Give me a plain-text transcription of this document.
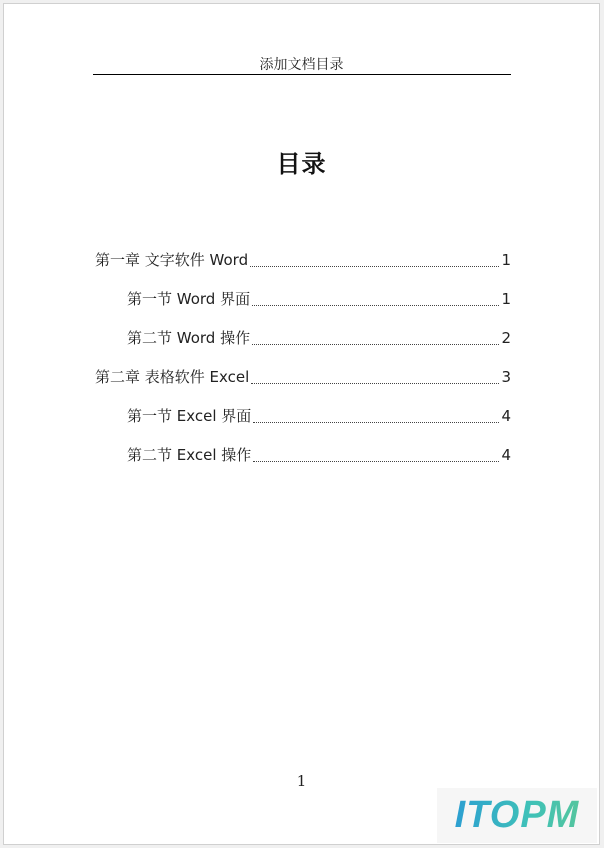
添加文档目录
目录
第一章 文字软件 Word	1
第一节 Word 界面	1
第二节 Word 操作	2
第二章 表格软件 Excel	3
第一节 Excel 界面	4
第二节 Excel 操作	4
1
ITOPM
